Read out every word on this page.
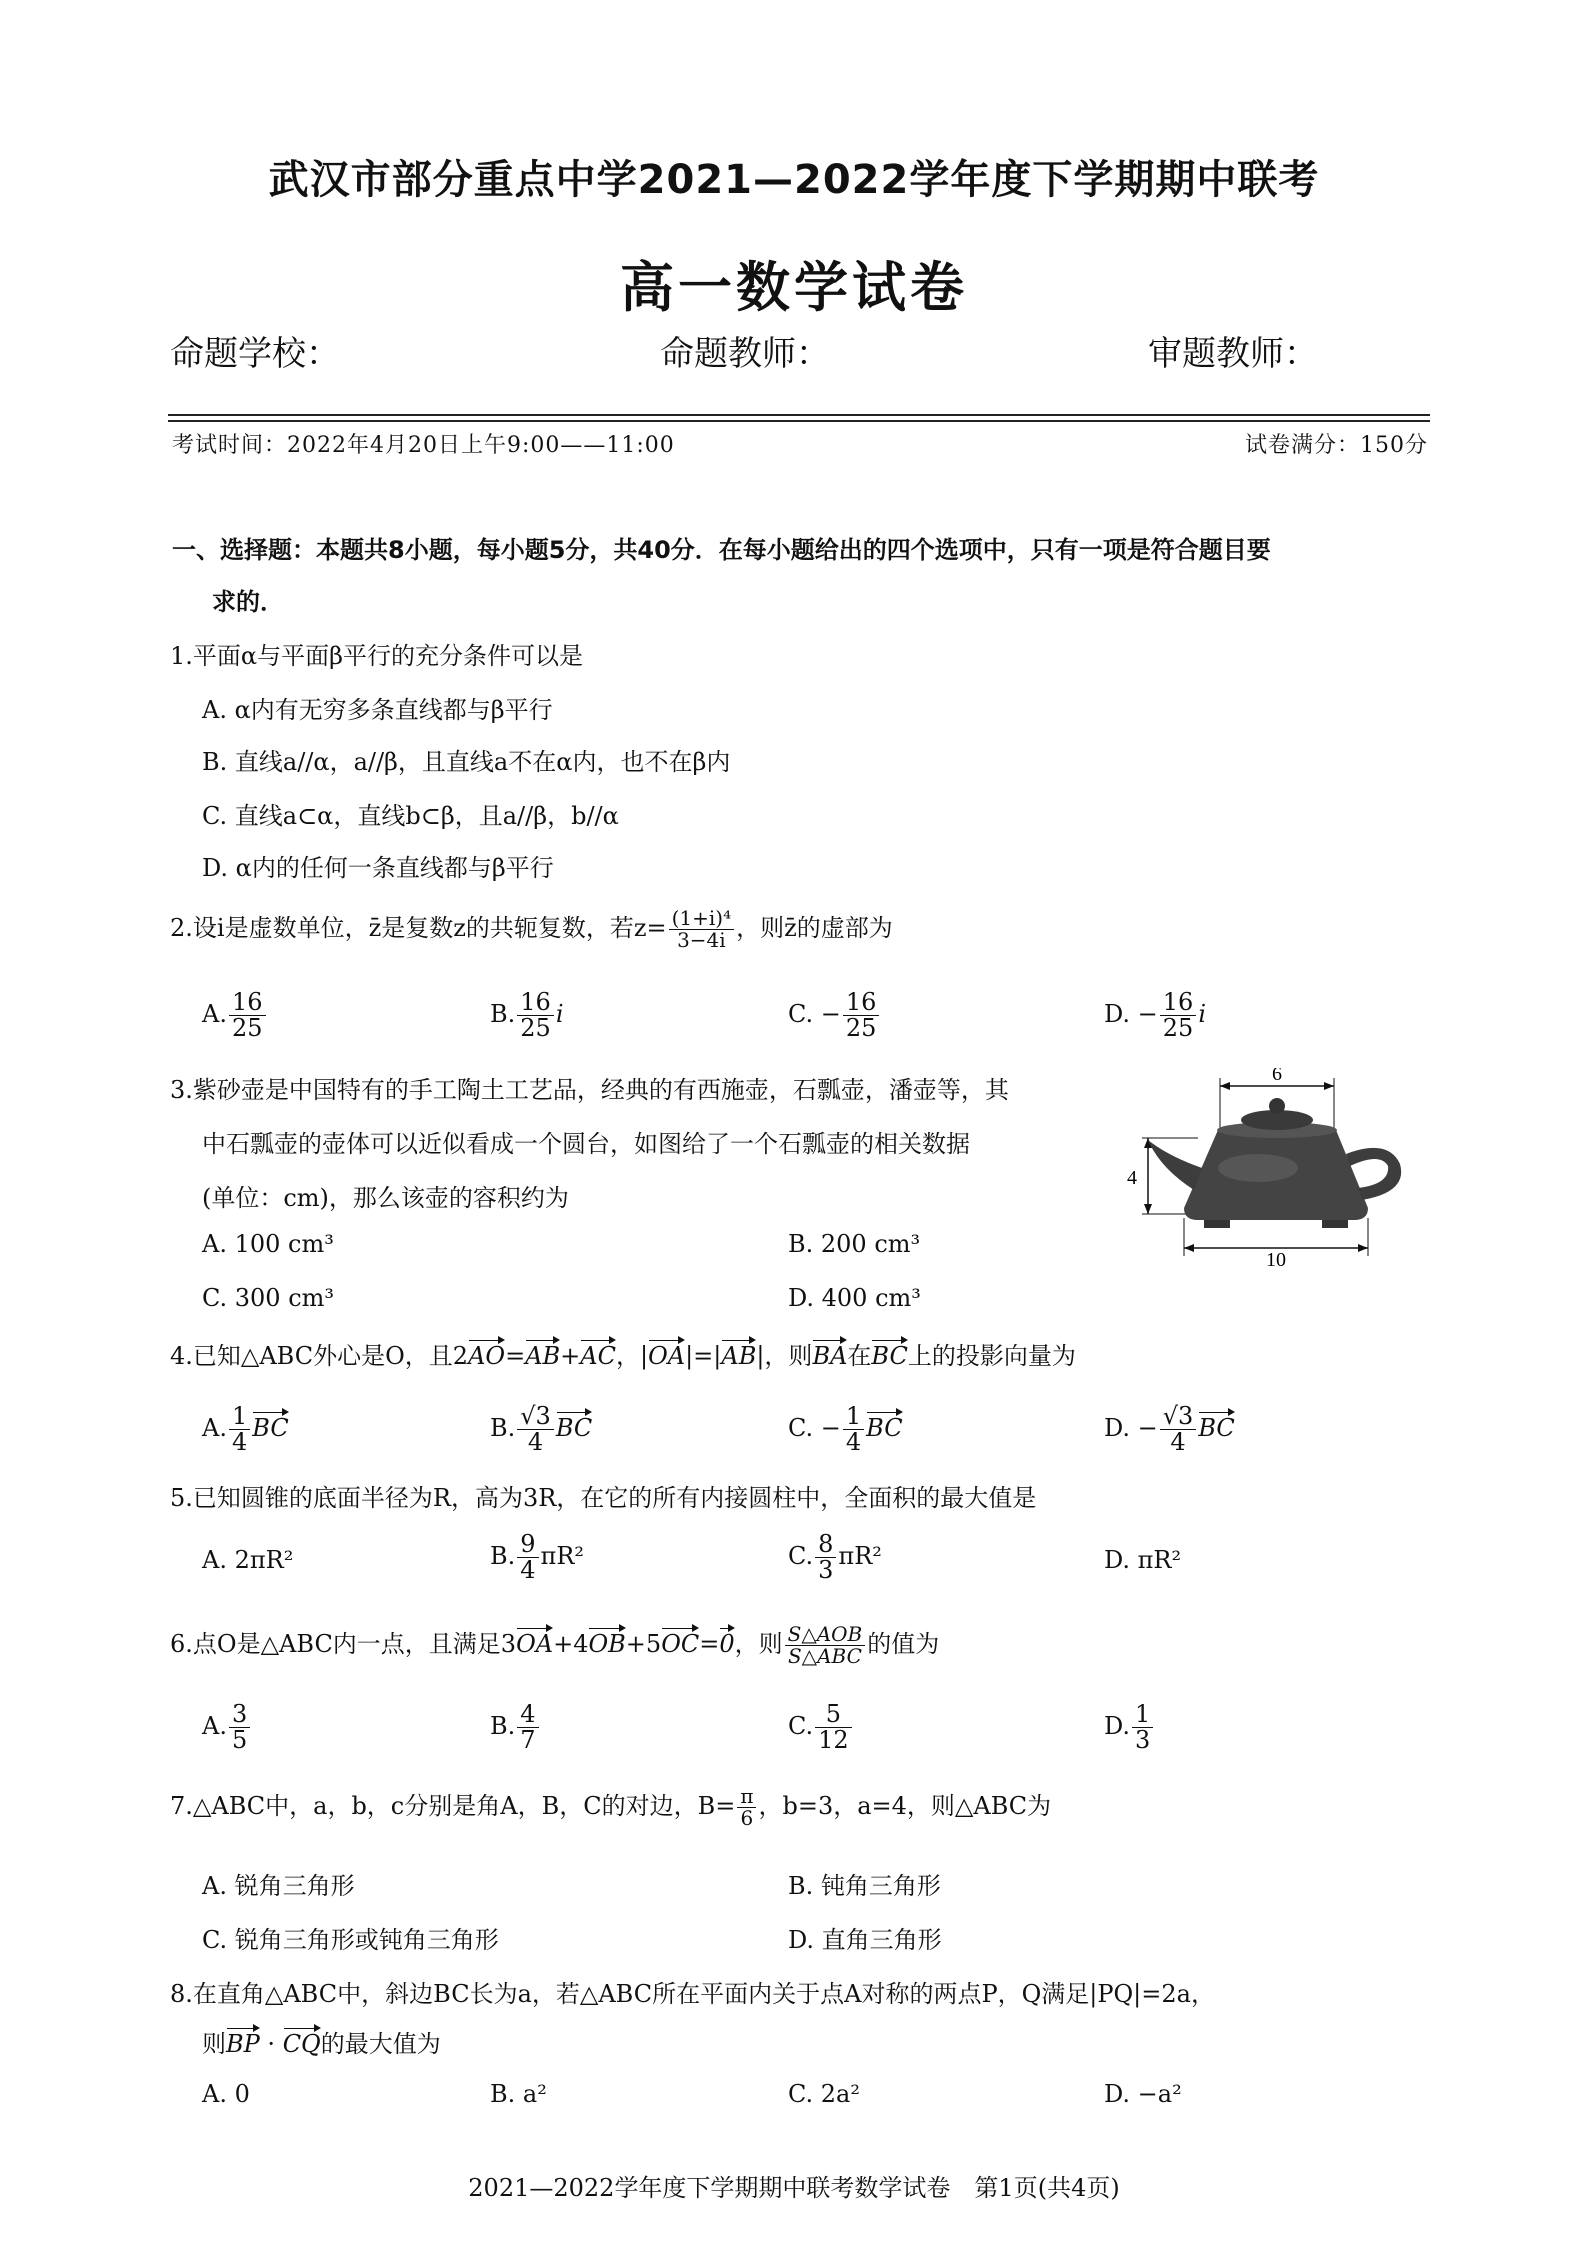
武汉市部分重点中学2021—2022学年度下学期期中联考
高一数学试卷
命题学校：	命题教师：	审题教师：
考试时间：2022年4月20日上午9:00——11:00	试卷满分：150分
一、选择题：本题共8小题，每小题5分，共40分．在每小题给出的四个选项中，只有一项是符合题目要
求的．
1.平面α与平面β平行的充分条件可以是
A. α内有无穷多条直线都与β平行
B. 直线a//α，a//β，且直线a不在α内，也不在β内
C. 直线a⊂α，直线b⊂β，且a//β，b//α
D. α内的任何一条直线都与β平行
2.设i是虚数单位，z̄是复数z的共轭复数，若$z= \frac{\text{(1+i)⁴}}{3-4i}$ ，则z̄的虚部为
A. $\frac{16}{25}$	B. $\frac{16}{25}$ i	C. − $\frac{16}{25}$	D. − $\frac{16}{25}$ i
3.紫砂壶是中国特有的手工陶土工艺品，经典的有西施壶，石瓢壶，潘壶等，其
中石瓢壶的壶体可以近似看成一个圆台，如图给了一个石瓢壶的相关数据
(单位：cm)，那么该壶的容积约为
A. 100 cm³	B. 200 cm³
C. 300 cm³	D. 400 cm³
6
4
10
4.已知△ABC外心是O，且2AO=AB+AC，|OA|=|AB|，则BA在BC上的投影向量为
A. $\frac{1}{4}$ BC	B. $\frac{√3}{4}$ BC	C. − $\frac{1}{4}$ BC	D. − $\frac{√3}{4}$ BC
5.已知圆锥的底面半径为R，高为3R，在它的所有内接圆柱中，全面积的最大值是
A. 2πR²	B. $\frac{9}{4} \pi R^2$	C. $\frac{8}{3} \pi R^2$	D. πR²
6.点O是△ABC内一点，且满足3OA+4OB+5OC=0，则 $\frac{\text{S△AOB}}{\text{S△ABC}}$ 的值为
A. $\frac{3}{5}$	B. $\frac{4}{7}$	C. $\frac{5}{12}$	D. $\frac{1}{3}$
7.△ABC中，a，b，c分别是角A，B，C的对边，$B= \frac{\pi}{6}$ ，b=3，a=4，则△ABC为
A. 锐角三角形	B. 钝角三角形
C. 锐角三角形或钝角三角形	D. 直角三角形
8.在直角△ABC中，斜边BC长为a，若△ABC所在平面内关于点A对称的两点P，Q满足|PQ|=2a，
则BP · CQ的最大值为
A. 0	B. a²	C. 2a²	D. −a²
2021—2022学年度下学期期中联考数学试卷　第1页(共4页)
